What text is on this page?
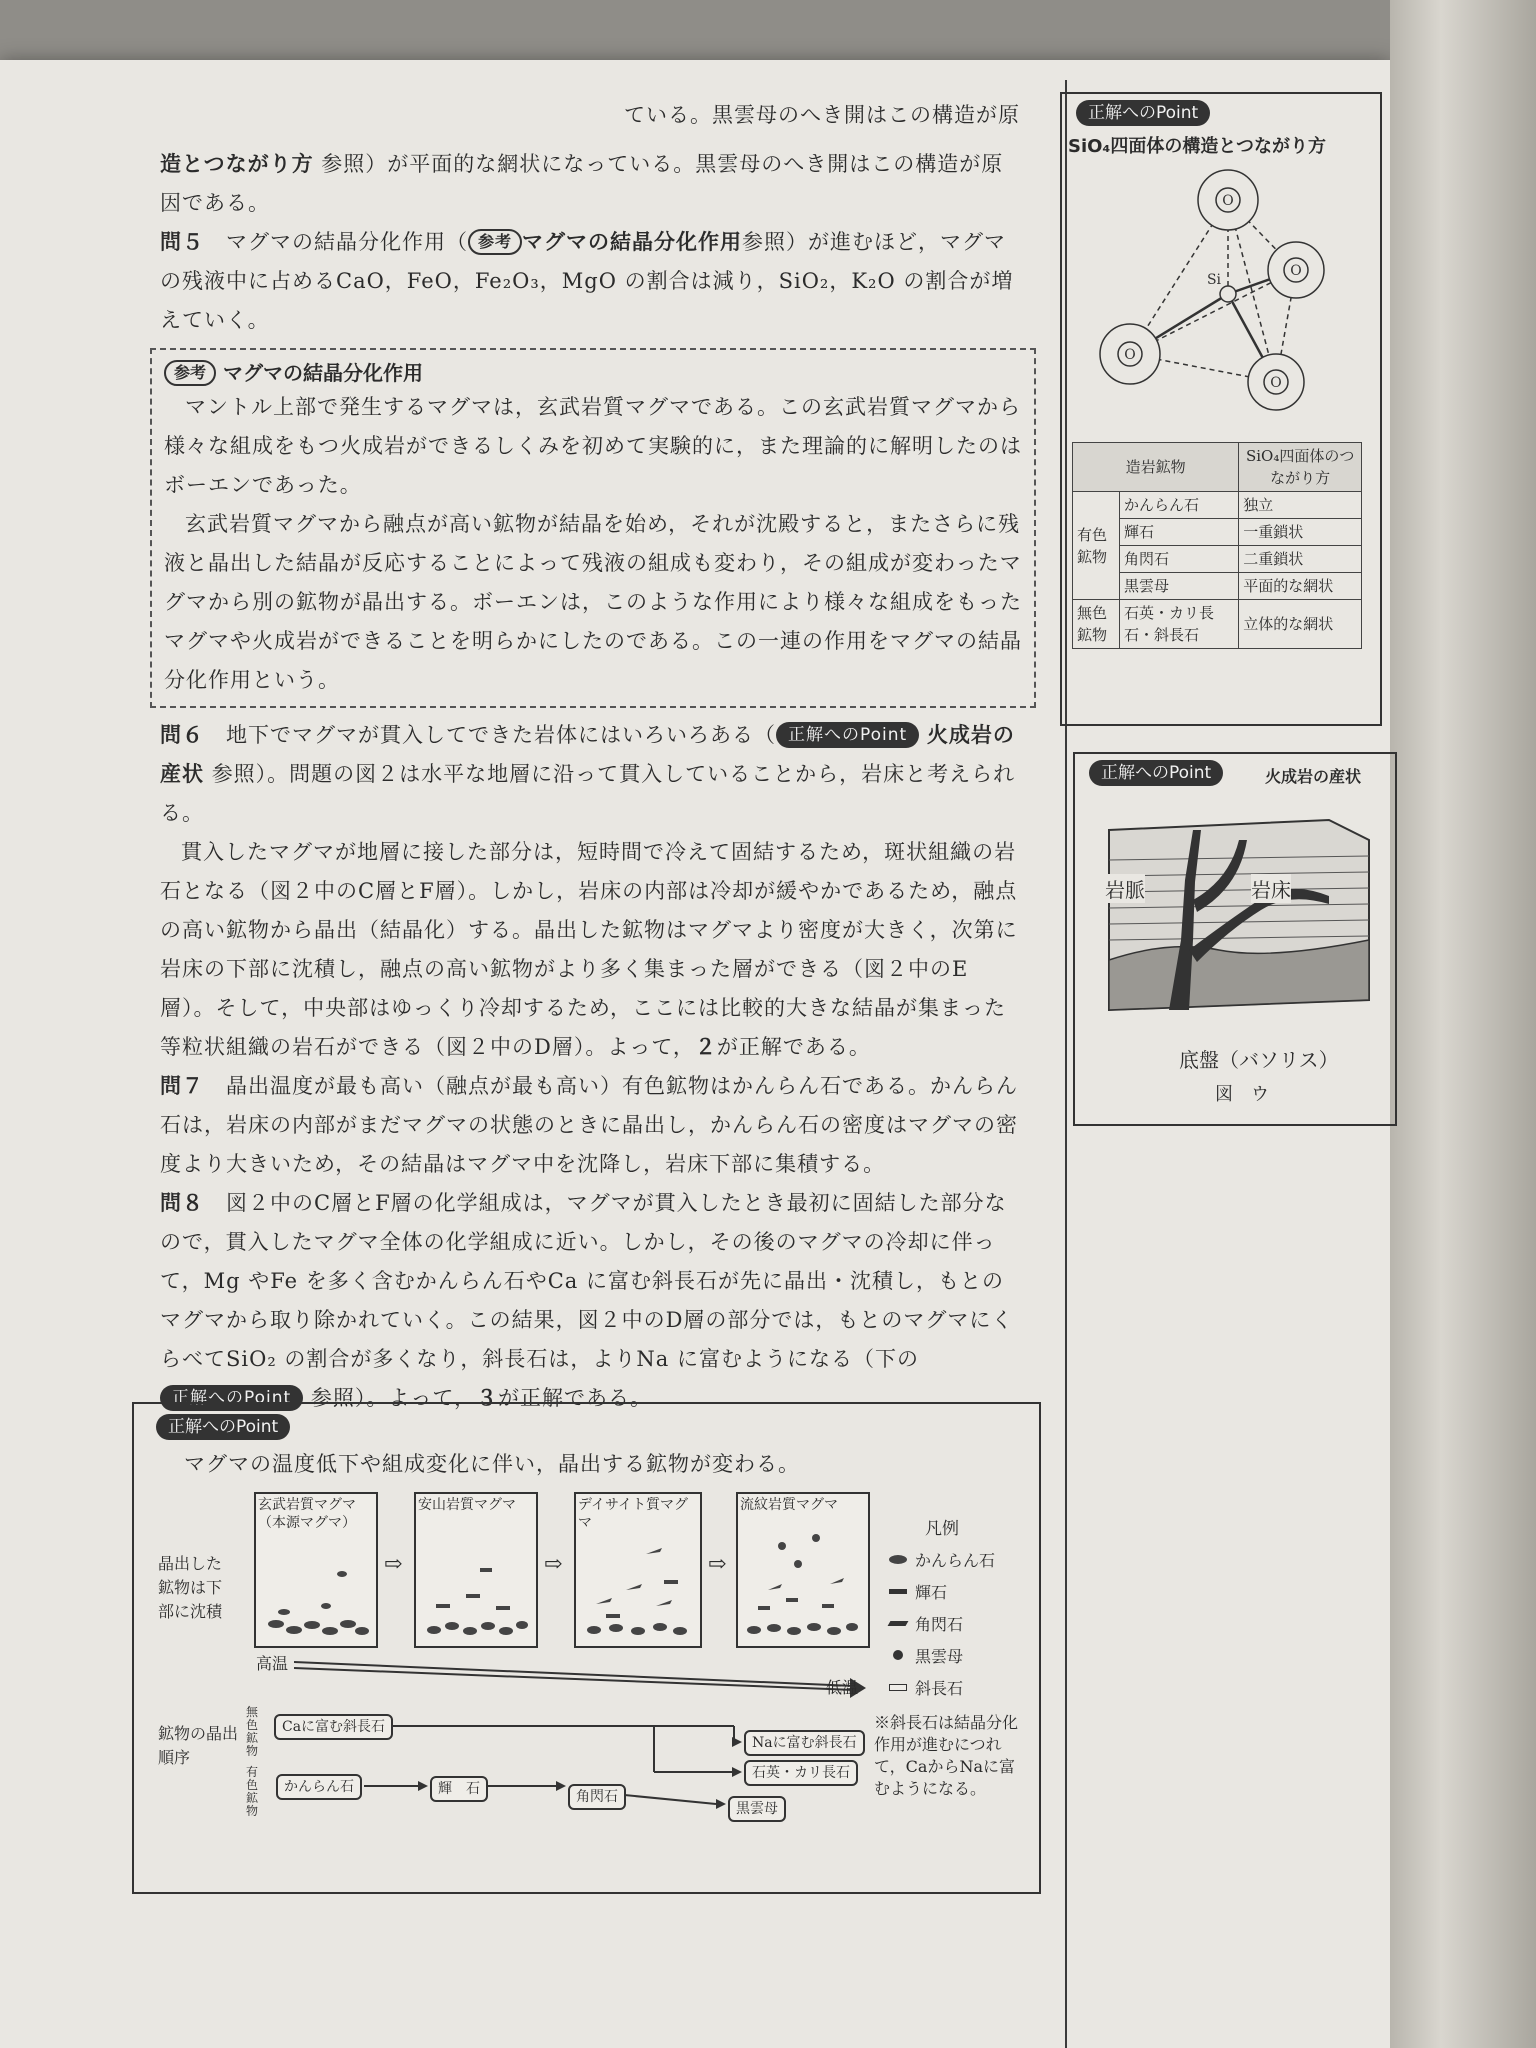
ている。黒雲母のへき開はこの構造が原

造とつながり方 参照）が平面的な網状になっている。黒雲母のへき開はこの構造が原因である。

問５　 マグマの結晶分化作用（ 参考 マグマの結晶分化作用参照）が進むほど，マグマの残液中に占めるCaO，FeO，Fe₂O₃，MgO の割合は減り，SiO₂，K₂O の割合が増えていく。

参考 マグマの結晶分化作用

マントル上部で発生するマグマは，玄武岩質マグマである。この玄武岩質マグマから様々な組成をもつ火成岩ができるしくみを初めて実験的に，また理論的に解明したのはボーエンであった。

玄武岩質マグマから融点が高い鉱物が結晶を始め，それが沈殿すると，またさらに残液と晶出した結晶が反応することによって残液の組成も変わり，その組成が変わったマグマから別の鉱物が晶出する。ボーエンは，このような作用により様々な組成をもったマグマや火成岩ができることを明らかにしたのである。この一連の作用をマグマの結晶分化作用という。

問６　 地下でマグマが貫入してできた岩体にはいろいろある（ 正解へのPoint 火成岩の産状 参照）。問題の図２は水平な地層に沿って貫入していることから，岩床と考えられる。

貫入したマグマが地層に接した部分は，短時間で冷えて固結するため，斑状組織の岩石となる（図２中のC層とF層）。しかし，岩床の内部は冷却が緩やかであるため，融点の高い鉱物から晶出（結晶化）する。晶出した鉱物はマグマより密度が大きく，次第に岩床の下部に沈積し，融点の高い鉱物がより多く集まった層ができる（図２中のE層）。そして，中央部はゆっくり冷却するため，ここには比較的大きな結晶が集まった等粒状組織の岩石ができる（図２中のD層）。よって，２が正解である。

問７　 晶出温度が最も高い（融点が最も高い）有色鉱物はかんらん石である。かんらん石は，岩床の内部がまだマグマの状態のときに晶出し，かんらん石の密度はマグマの密度より大きいため，その結晶はマグマ中を沈降し，岩床下部に集積する。

問８　 図２中のC層とF層の化学組成は，マグマが貫入したとき最初に固結した部分なので，貫入したマグマ全体の化学組成に近い。しかし，その後のマグマの冷却に伴って，Mg やFe を多く含むかんらん石やCa に富む斜長石が先に晶出・沈積し，もとのマグマから取り除かれていく。この結果，図２中のD層の部分では，もとのマグマにくらべてSiO₂ の割合が多くなり，斜長石は，よりNa に富むようになる（下の正解へのPoint 参照）。よって，３が正解である。

正解へのPoint
マグマの温度低下や組成変化に伴い，晶出する鉱物が変わる。
晶出した鉱物は下部に沈積
玄武岩質マグマ（本源マグマ）
⇨
安山岩質マグマ
⇨
デイサイト質マグマ
⇨
流紋岩質マグマ
凡例
かんらん石
輝石
角閃石
黒雲母
斜長石
高温
低温
鉱物の晶出順序
無色鉱物
有色鉱物
Caに富む斜長石
Naに富む斜長石
石英・カリ長石
かんらん石	輝　石	角閃石
黒雲母
※斜長石は結晶分化作用が進むにつれて，CaからNaに富むようになる。
正解へのPoint
SiO₄四面体の構造とつながり方
O
O
O
O
Si
造岩鉱物		SiO₄四面体のつながり方
有色鉱物	かんらん石	独立
	輝石	一重鎖状
	角閃石	二重鎖状
	黒雲母	平面的な網状
無色鉱物	石英・カリ長石・斜長石	立体的な網状
正解へのPoint	火成岩の産状
岩脈	岩床
底盤（バソリス）
図　ウ
